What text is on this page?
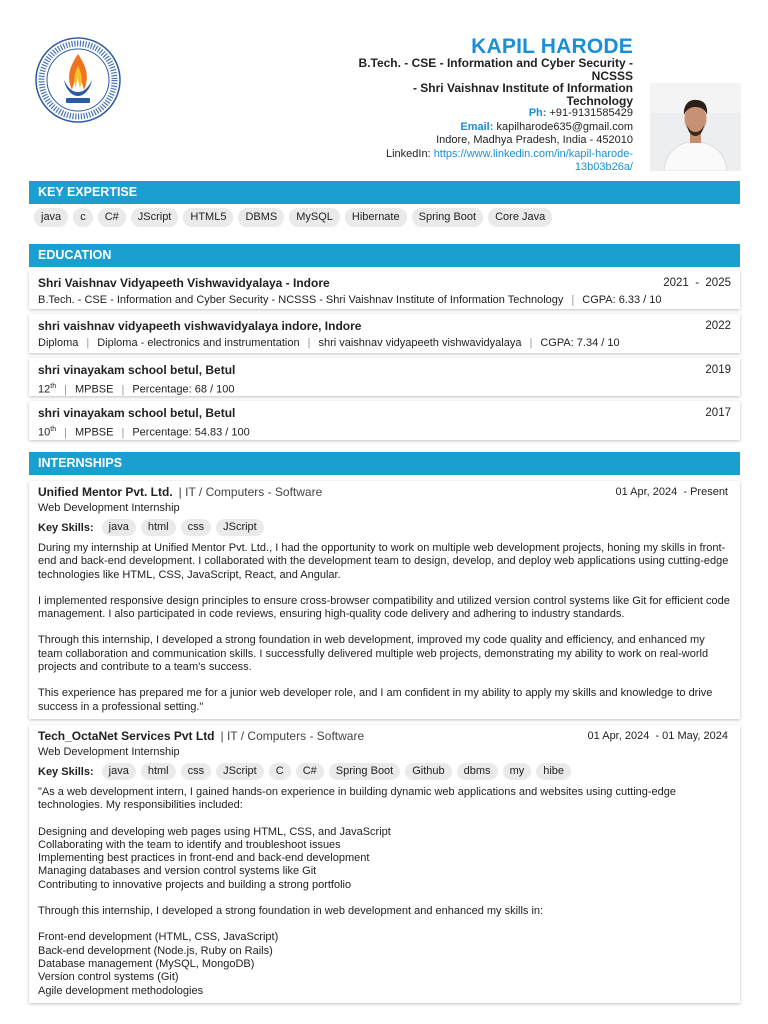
KAPIL HARODE
B.Tech. - CSE - Information and Cyber Security -
NCSSS
- Shri Vaishnav Institute of Information
Technology
Ph: +91-9131585429
Email: kapilharode635@gmail.com
Indore, Madhya Pradesh, India - 452010
LinkedIn: https://www.linkedin.com/in/kapil-harode-
13b03b26a/
KEY EXPERTISE
java	c	C#	JScript	HTML5	DBMS	MySQL	Hibernate	Spring Boot	Core Java
EDUCATION
Shri Vaishnav Vidyapeeth Vishwavidyalaya - Indore	2021  -  2025
B.Tech. - CSE - Information and Cyber Security - NCSSS - Shri Vaishnav Institute of Information Technology | CGPA: 6.33 / 10
shri vaishnav vidyapeeth vishwavidyalaya indore, Indore	2022
Diploma | Diploma - electronics and instrumentation | shri vaishnav vidyapeeth vishwavidyalaya | CGPA: 7.34 / 10
shri vinayakam school betul, Betul	2019
12th | MPBSE | Percentage: 68 / 100
shri vinayakam school betul, Betul	2017
10th | MPBSE | Percentage: 54.83 / 100
INTERNSHIPS
Unified Mentor Pvt. Ltd. | IT / Computers - Software	01 Apr, 2024  - Present
Web Development Internship
Key Skills:	java	html	css	JScript
During my internship at Unified Mentor Pvt. Ltd., I had the opportunity to work on multiple web development projects, honing my skills in front-end and back-end development. I collaborated with the development team to design, develop, and deploy web applications using cutting-edge technologies like HTML, CSS, JavaScript, React, and Angular.
I implemented responsive design principles to ensure cross-browser compatibility and utilized version control systems like Git for efficient code management. I also participated in code reviews, ensuring high-quality code delivery and adhering to industry standards.
Through this internship, I developed a strong foundation in web development, improved my code quality and efficiency, and enhanced my team collaboration and communication skills. I successfully delivered multiple web projects, demonstrating my ability to work on real-world projects and contribute to a team's success.
This experience has prepared me for a junior web developer role, and I am confident in my ability to apply my skills and knowledge to drive success in a professional setting."
Tech_OctaNet Services Pvt Ltd | IT / Computers - Software	01 Apr, 2024  - 01 May, 2024
Web Development Internship
Key Skills:	java	html	css	JScript	C	C#	Spring Boot	Github	dbms	my	hibe
"As a web development intern, I gained hands-on experience in building dynamic web applications and websites using cutting-edge technologies. My responsibilities included:
Designing and developing web pages using HTML, CSS, and JavaScript
Collaborating with the team to identify and troubleshoot issues
Implementing best practices in front-end and back-end development
Managing databases and version control systems like Git
Contributing to innovative projects and building a strong portfolio
Through this internship, I developed a strong foundation in web development and enhanced my skills in:
Front-end development (HTML, CSS, JavaScript)
Back-end development (Node.js, Ruby on Rails)
Database management (MySQL, MongoDB)
Version control systems (Git)
Agile development methodologies
